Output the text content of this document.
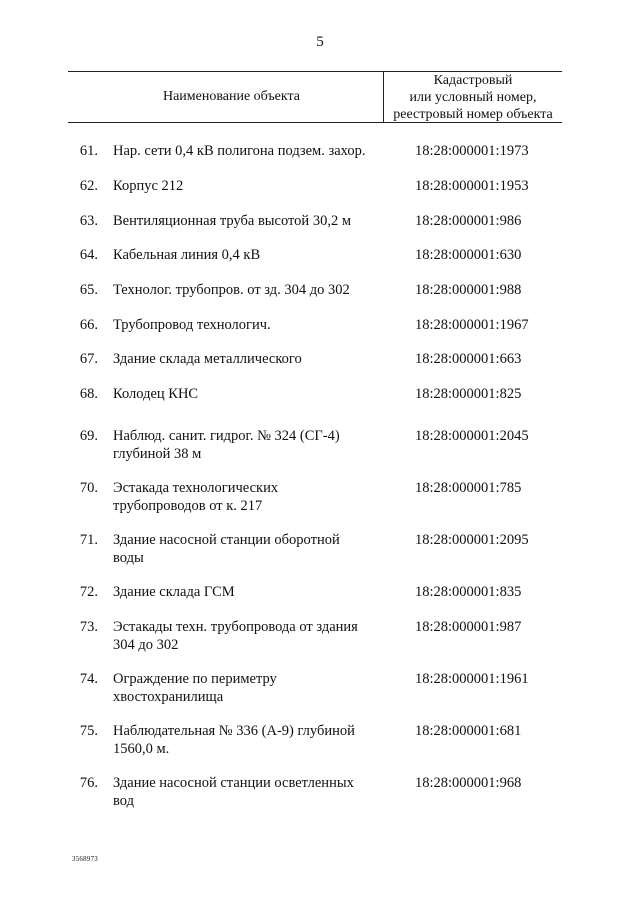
5
Наименование объекта
Кадастровый
или условный номер,
реестровый номер объекта
61. Нар. сети 0,4 кВ полигона подзем. захор.	18:28:000001:1973
62. Корпус 212	18:28:000001:1953
63. Вентиляционная труба высотой 30,2 м	18:28:000001:986
64. Кабельная линия 0,4 кВ	18:28:000001:630
65. Технолог. трубопров. от зд. 304 до 302	18:28:000001:988
66. Трубопровод технологич.	18:28:000001:1967
67. Здание склада металлического	18:28:000001:663
68. Колодец КНС	18:28:000001:825
69. Наблюд. санит. гидрог. № 324 (СГ-4)
глубиной 38 м
18:28:000001:2045
70. Эстакада технологических
трубопроводов от к. 217
18:28:000001:785
71. Здание насосной станции оборотной
воды
18:28:000001:2095
72. Здание склада ГСМ	18:28:000001:835
73. Эстакады техн. трубопровода от здания
304 до 302
18:28:000001:987
74. Ограждение по периметру
хвостохранилища
18:28:000001:1961
75. Наблюдательная № 336 (А-9) глубиной
1560,0 м.
18:28:000001:681
76. Здание насосной станции осветленных
вод
18:28:000001:968
3568973
